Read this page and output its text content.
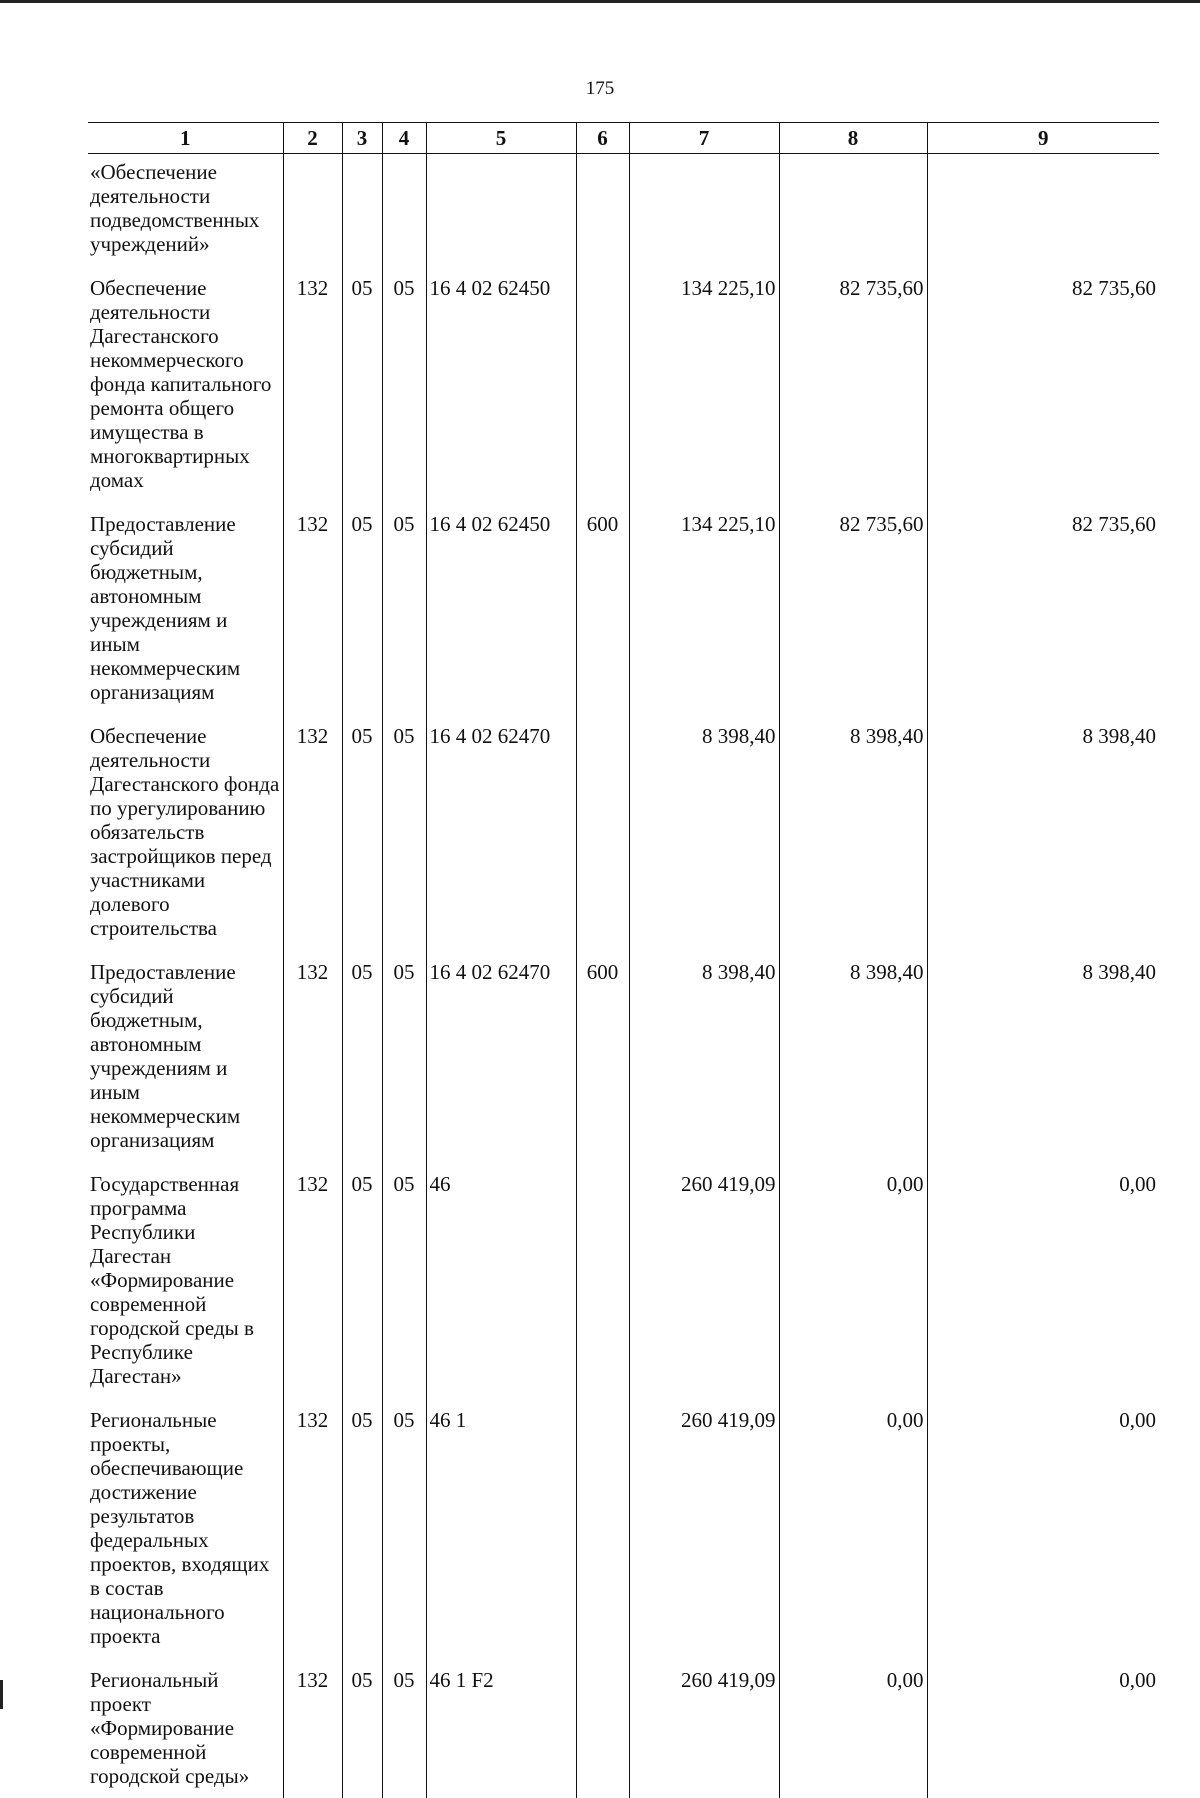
175
1	2	3	4	5	6	7	8	9
«Обеспечение деятельности подведомственных учреждений»								
Обеспечение деятельности Дагестанского некоммерческого фонда капитального ремонта общего имущества в многоквартирных домах	132	05	05	16 4 02 62450		134 225,10	82 735,60	82 735,60
Предоставление субсидий бюджетным, автономным учреждениям и иным некоммерческим организациям	132	05	05	16 4 02 62450	600	134 225,10	82 735,60	82 735,60
Обеспечение деятельности Дагестанского фонда по урегулированию обязательств застройщиков перед участниками долевого строительства	132	05	05	16 4 02 62470		8 398,40	8 398,40	8 398,40
Предоставление субсидий бюджетным, автономным учреждениям и иным некоммерческим организациям	132	05	05	16 4 02 62470	600	8 398,40	8 398,40	8 398,40
Государственная программа Республики Дагестан «Формирование современной городской среды в Республике Дагестан»	132	05	05	46		260 419,09	0,00	0,00
Региональные проекты, обеспечивающие достижение результатов федеральных проектов, входящих в состав национального проекта	132	05	05	46 1		260 419,09	0,00	0,00
Региональный проект «Формирование современной городской среды»	132	05	05	46 1 F2		260 419,09	0,00	0,00
